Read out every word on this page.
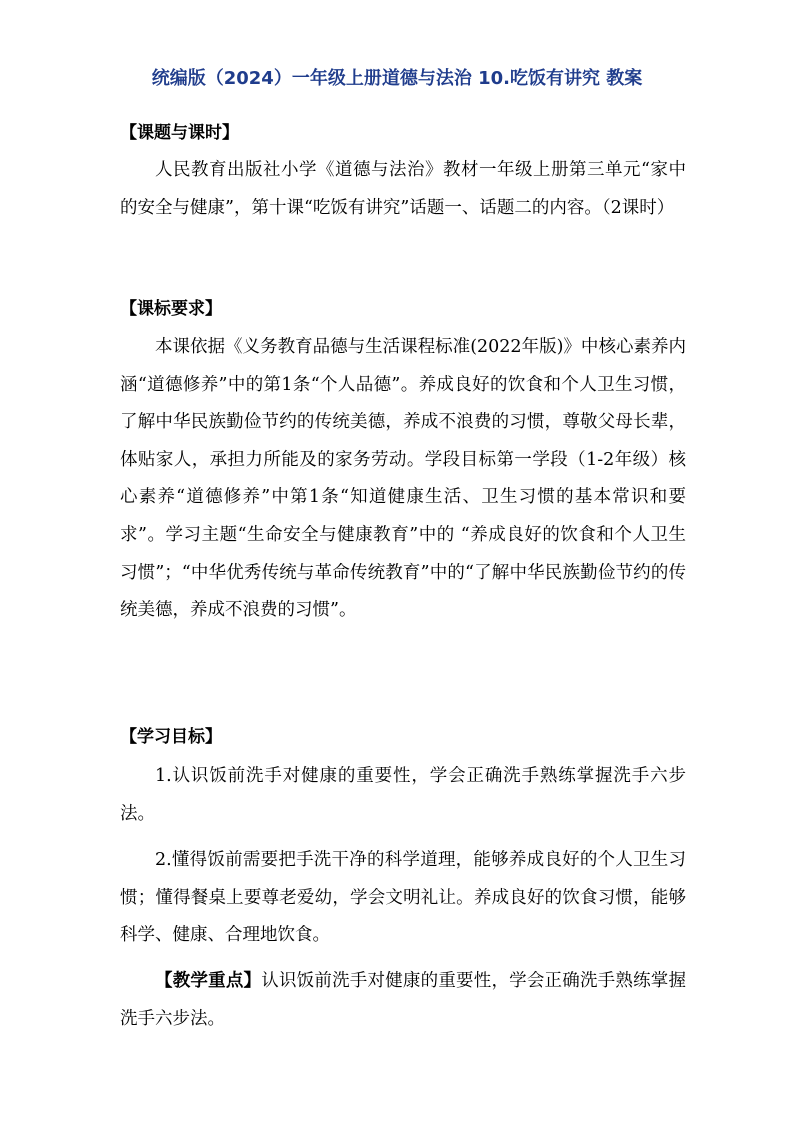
统编版（2024）一年级上册道德与法治 10.吃饭有讲究 教案
【课题与课时】
人民教育出版社小学《道德与法治》教材一年级上册第三单元“家中的安全与健康”，第十课“吃饭有讲究”话题一、话题二的内容。（2课时）
【课标要求】
本课依据《义务教育品德与生活课程标准(2022年版)》中核心素养内涵“道德修养”中的第1条“个人品德”。养成良好的饮食和个人卫生习惯，了解中华民族勤俭节约的传统美德，养成不浪费的习惯，尊敬父母长辈，体贴家人，承担力所能及的家务劳动。学段目标第一学段（1-2年级）核心素养“道德修养”中第1条“知道健康生活、卫生习惯的基本常识和要求”。学习主题“生命安全与健康教育”中的 “养成良好的饮食和个人卫生习惯”；“中华优秀传统与革命传统教育”中的“了解中华民族勤俭节约的传统美德，养成不浪费的习惯”。
【学习目标】
1.认识饭前洗手对健康的重要性，学会正确洗手熟练掌握洗手六步法。
2.懂得饭前需要把手洗干净的科学道理，能够养成良好的个人卫生习惯；懂得餐桌上要尊老爱幼，学会文明礼让。养成良好的饮食习惯，能够科学、健康、合理地饮食。
【教学重点】认识饭前洗手对健康的重要性，学会正确洗手熟练掌握洗手六步法。
